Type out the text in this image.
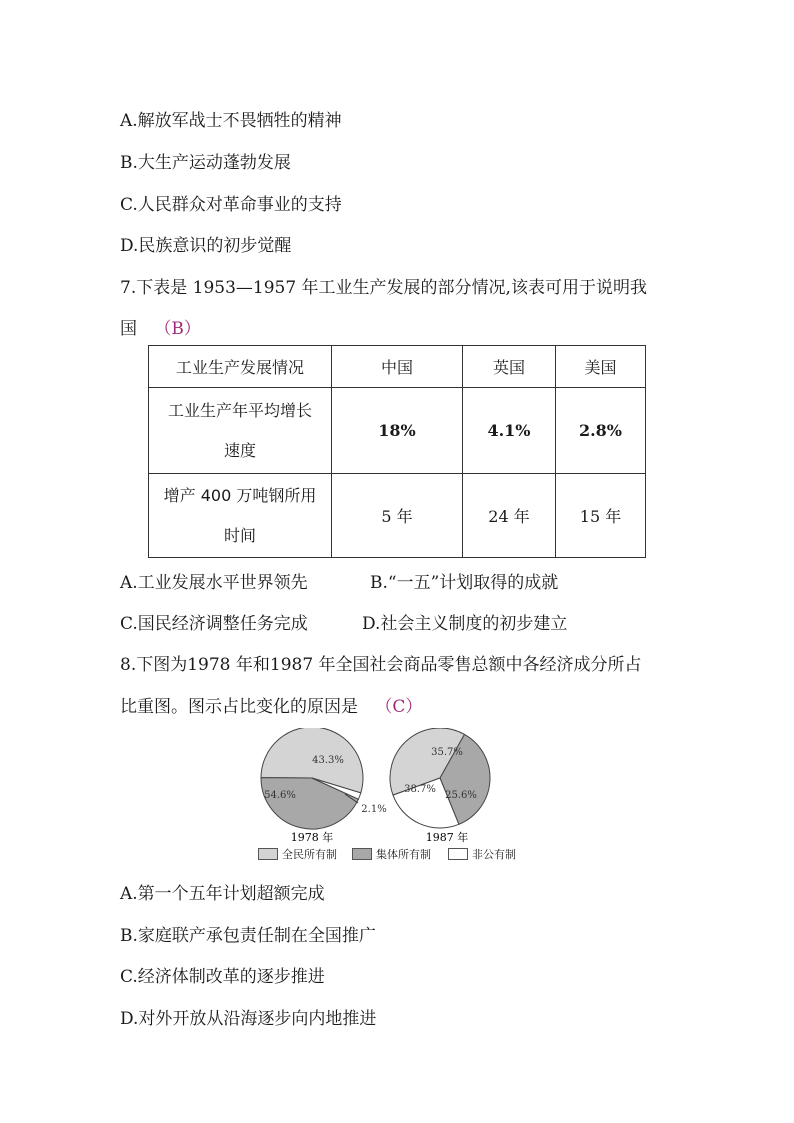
A.解放军战士不畏牺牲的精神
B.大生产运动蓬勃发展
C.人民群众对革命事业的支持
D.民族意识的初步觉醒
7.下表是 1953—1957 年工业生产发展的部分情况,该表可用于说明我
国 （B）
工业生产发展情况	中国	英国	美国

工业生产年平均增长
速度	18%	4.1%	2.8%

增产 400 万吨钢所用
时间	5 年	24 年	15 年
A.工业发展水平世界领先	B.“一五”计划取得的成就
C.国民经济调整任务完成	D.社会主义制度的初步建立
8.下图为1978 年和1987 年全国社会商品零售总额中各经济成分所占
比重图。图示占比变化的原因是 （C）
54.6%
43.3%
2.1%
38.7%
35.7%
25.6%
1978 年	1987 年
全民所有制	集体所有制	非公有制
A.第一个五年计划超额完成
B.家庭联产承包责任制在全国推广
C.经济体制改革的逐步推进
D.对外开放从沿海逐步向内地推进
